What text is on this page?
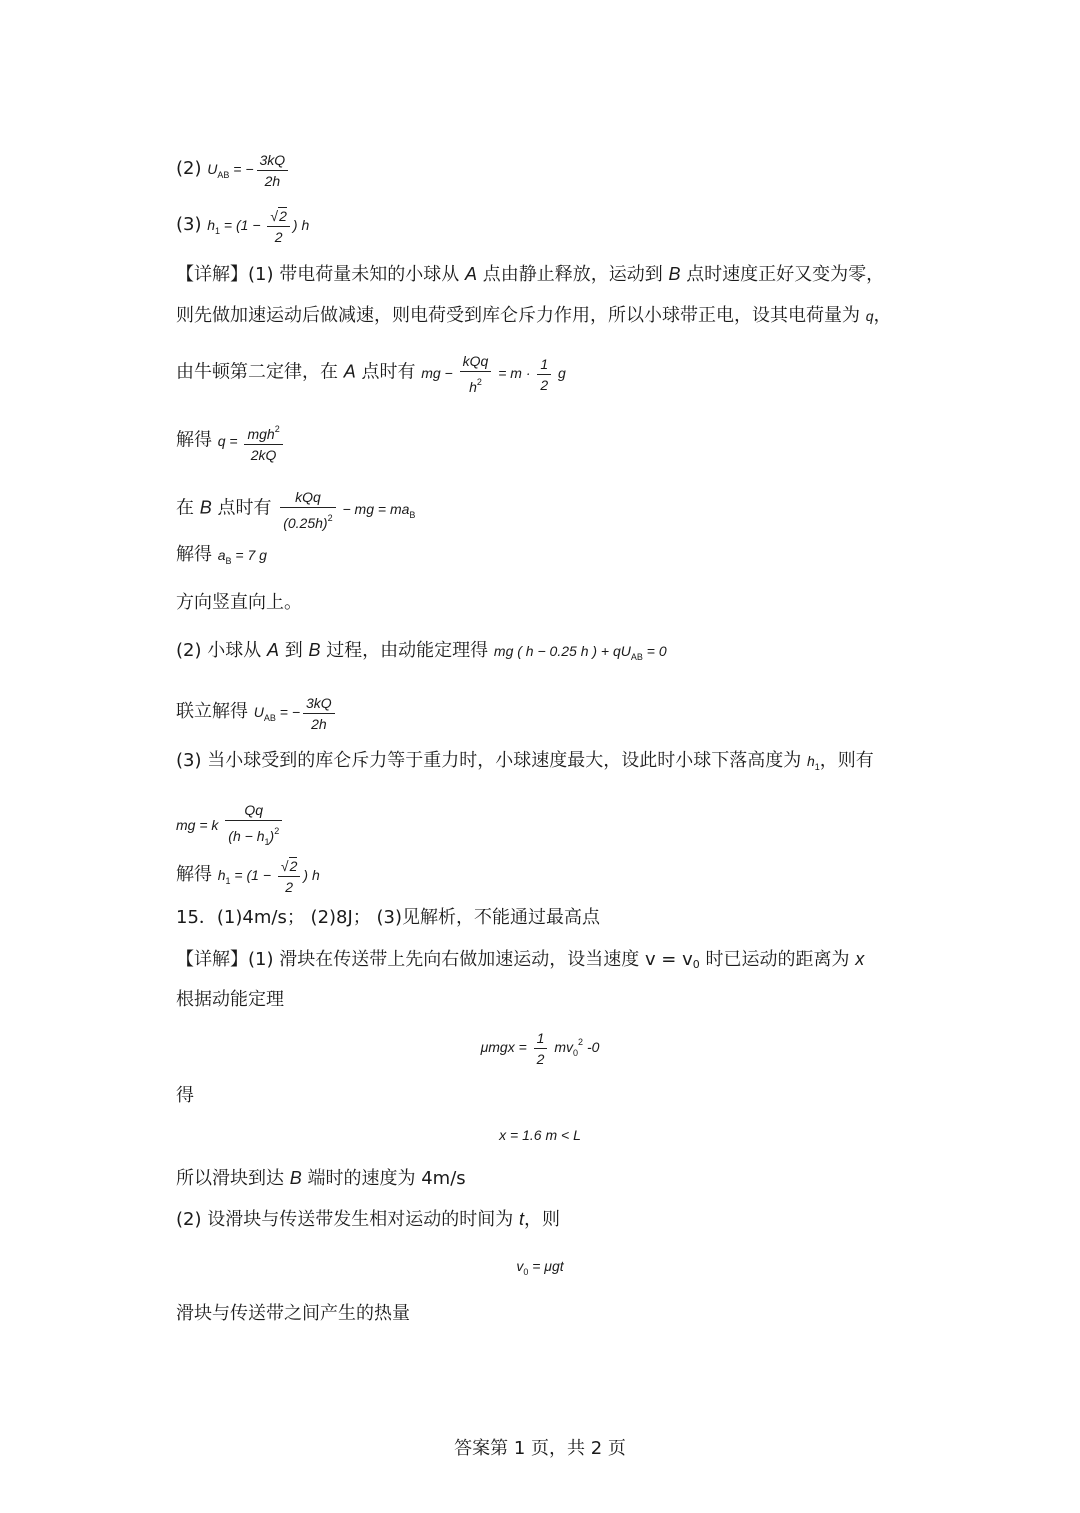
(2) $U_{AB}$ = − $\frac{3kQ}{2h}$
(3) $h_1 = (1 - \frac{√2}{2}$ ) h
【详解】(1) 带电荷量未知的小球从 A 点由静止释放，运动到 B 点时速度正好又变为零，
则先做加速运动后做减速，则电荷受到库仑斥力作用，所以小球带正电，设其电荷量为 q，
由牛顿第二定律，在 A 点时有 mg − $\frac{\text{kQq}}{h^2} = m \cdot \frac{1}{2}$ g
解得 $q = \frac{mgh^2}{2kQ}$
在 B 点时有 $\frac{\text{kQq}}{(0.25h)^2}$ − mg = $ma_B$
解得 $a_B = 7$ g
方向竖直向上。
(2) 小球从 A 到 B 过程，由动能定理得 mg ( h − 0.25 h ) + $qU_{AB} = 0$
联立解得 $U_{AB}$ = − $\frac{3kQ}{2h}$
(3) 当小球受到的库仑斥力等于重力时，小球速度最大，设此时小球下落高度为 $h_1$，则有
mg = k $\frac{Qq}{(h - h_1)^2}$
解得 $h_1 = (1 - \frac{√2}{2}$ ) h
15．(1)4m/s； (2)8J； (3)见解析，不能通过最高点
【详解】(1) 滑块在传送带上先向右做加速运动，设当速度 v = v0 时已运动的距离为 x
根据动能定理
$\mu mgx = \frac{1}{2} mv_0^2$ -0
得
x = 1.6 m < L
所以滑块到达 B 端时的速度为 4m/s
(2) 设滑块与传送带发生相对运动的时间为 t，则
$v_0 = \mu gt$
滑块与传送带之间产生的热量
答案第 1 页，共 2 页
